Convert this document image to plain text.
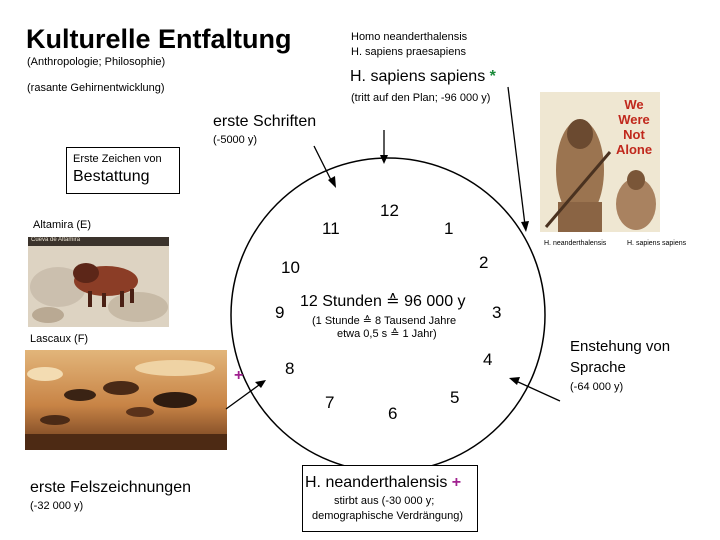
Kulturelle Entfaltung
(Anthropologie; Philosophie)
(rasante Gehirnentwicklung)
Homo neanderthalensis
H. sapiens praesapiens
H. sapiens sapiens *
(tritt auf den Plan; -96 000 y)
erste Schriften
(-5000 y)
Erste Zeichen von
Bestattung
Altamira (E)
Cueva de Altamira
Lascaux (F)
erste Felszeichnungen
(-32 000 y)
We
Were
Not
Alone
H. neanderthalensis	H. sapiens sapiens
12
1
2
3
4
5
6
7
8
9
10
11
12 Stunden ≙ 96 000 y
(1 Stunde ≙ 8 Tausend Jahre
etwa 0,5 s ≙ 1 Jahr)
+
Enstehung von
Sprache
(-64 000 y)
H. neanderthalensis +
stirbt aus (-30 000 y;
demographische Verdrängung)
